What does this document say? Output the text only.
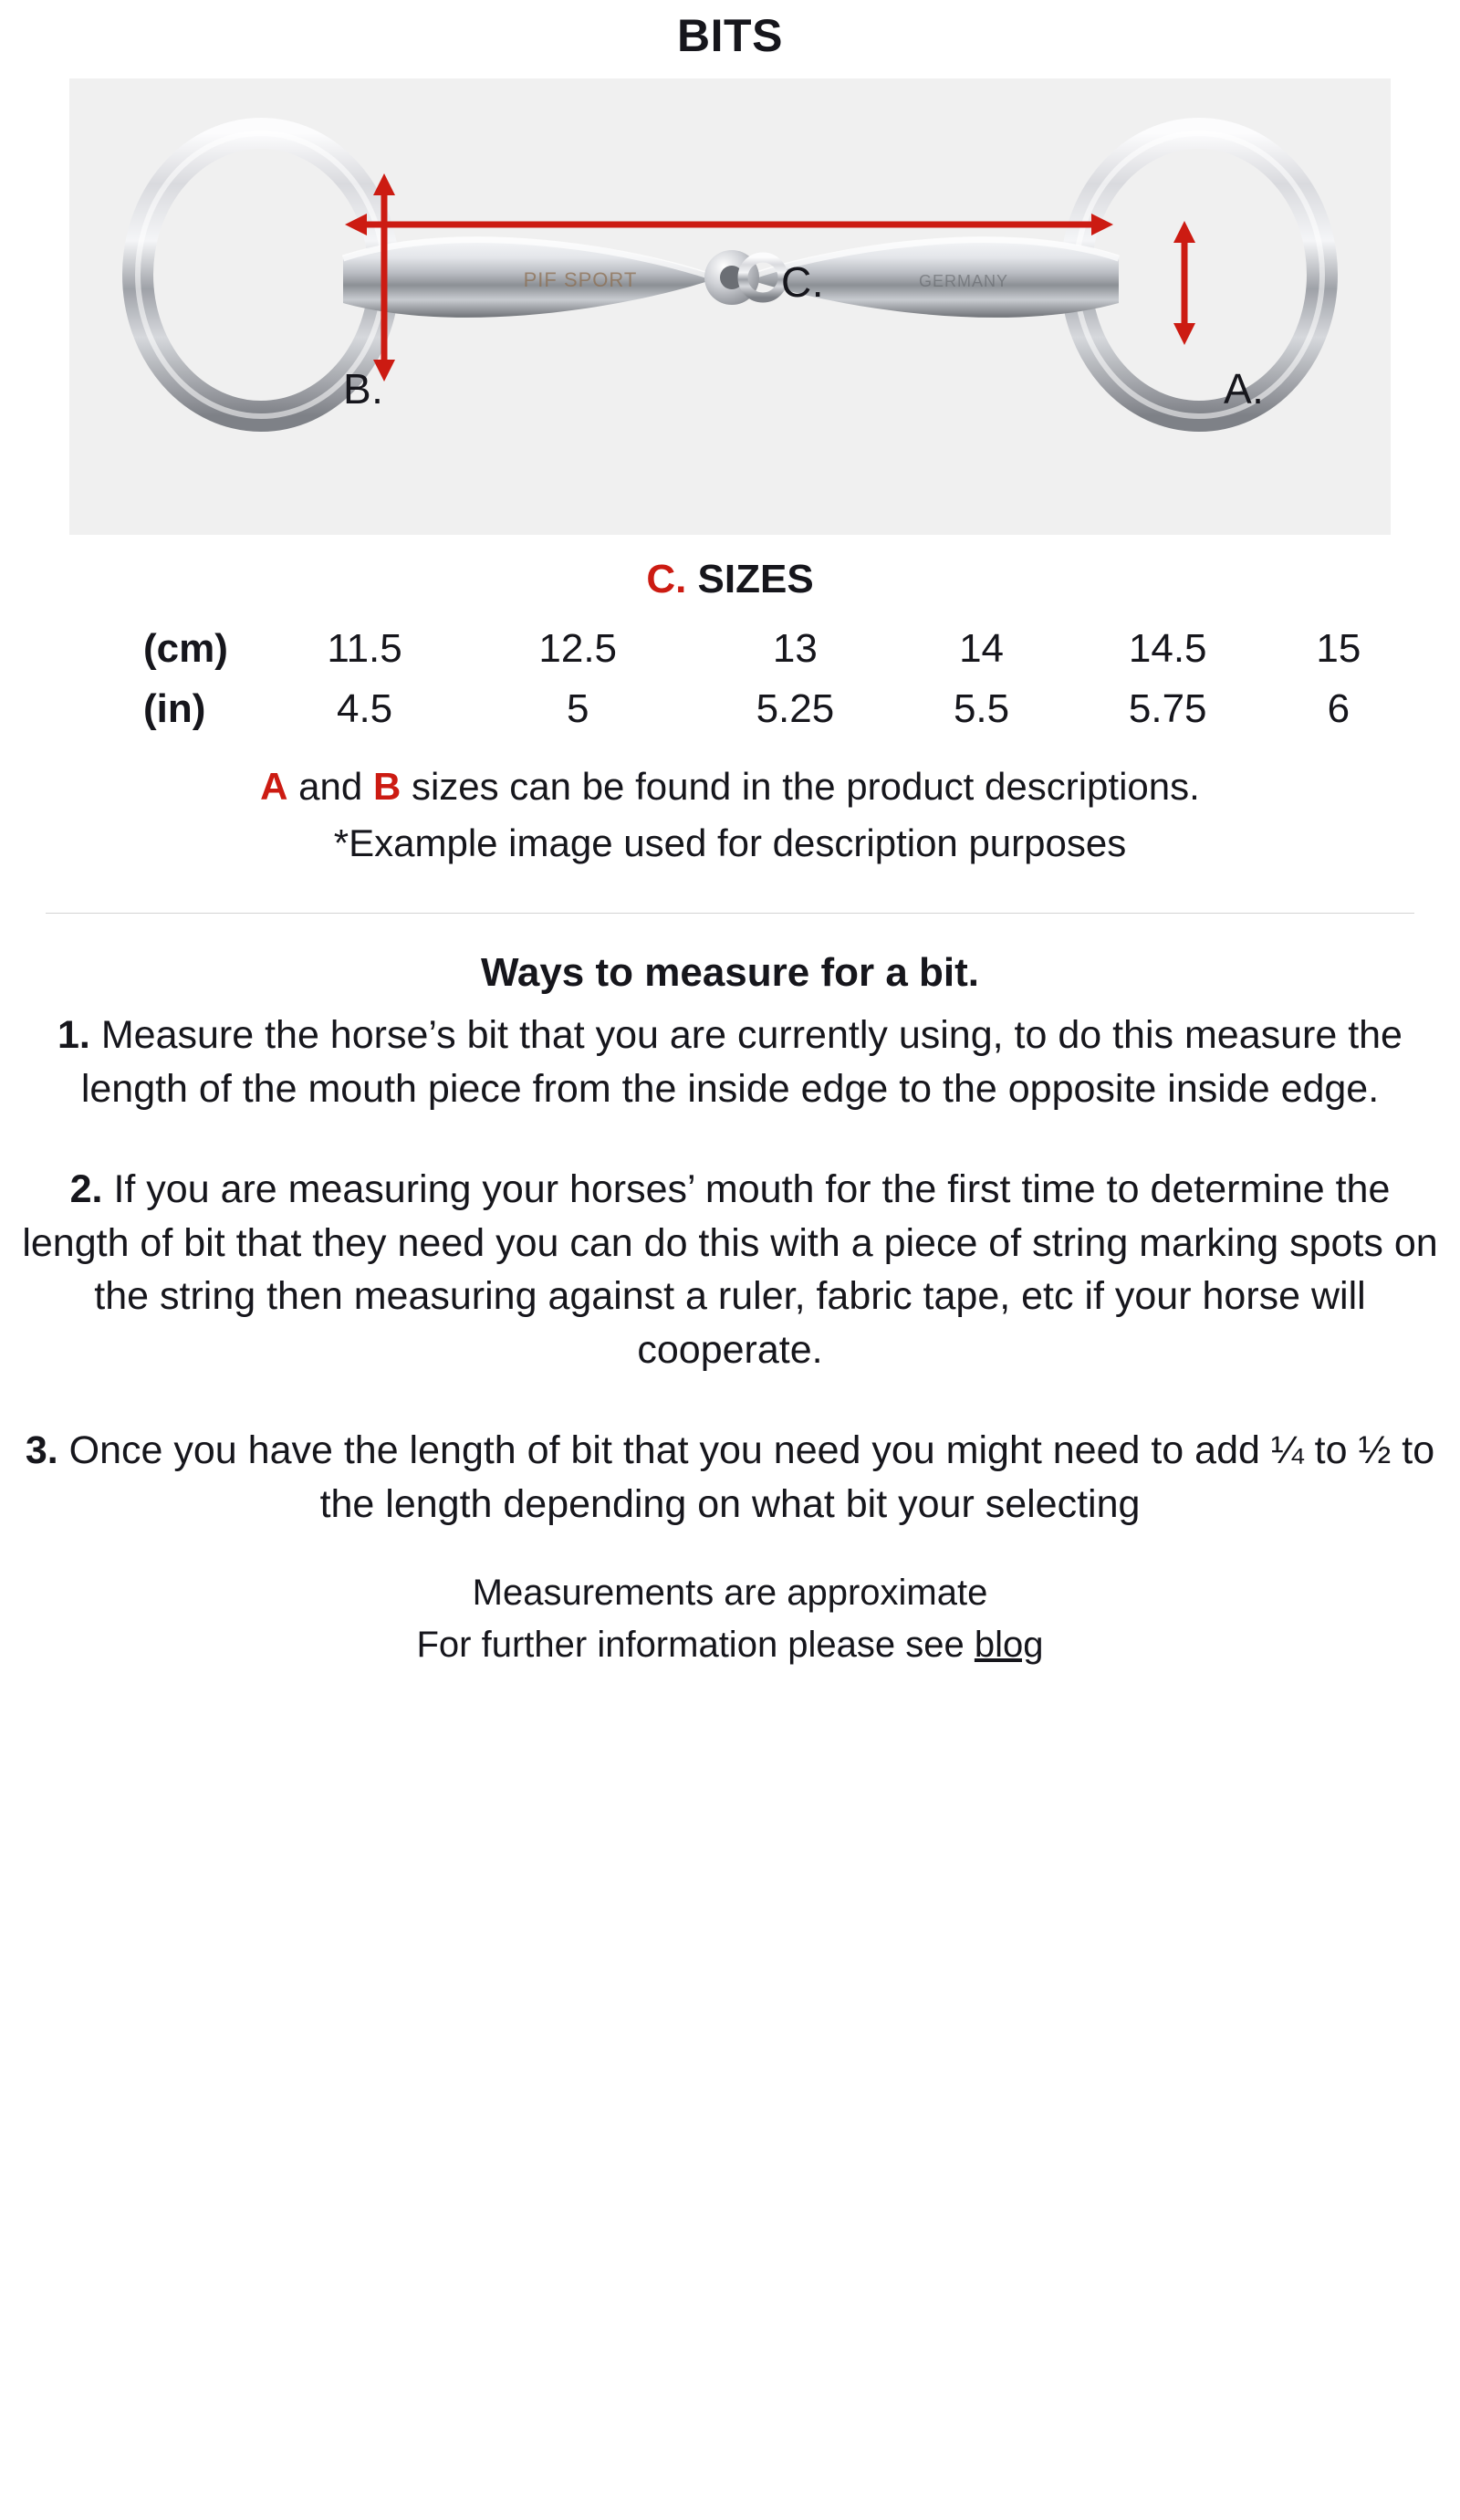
BITS
PIF SPORT	GERMANY
B.	A.
C.
C. SIZES
(cm)	11.5	12.5	13	14	14.5	15
(in)	4.5	5	5.25	5.5	5.75	6

A and B sizes can be found in the product descriptions.

*Example image used for description purposes

Ways to measure for a bit.

1. Measure the horse’s bit that you are currently using, to do this measure the length of the mouth piece from the inside edge to the opposite inside edge.

2. If you are measuring your horses’ mouth for the first time to determine the length of bit that they need you can do this with a piece of string marking spots on the string then measuring against a ruler, fabric tape, etc if your horse will cooperate.

3. Once you have the length of bit that you need you might need to add ¼ to ½ to the length depending on what bit your selecting

Measurements are approximate
For further information please see blog
